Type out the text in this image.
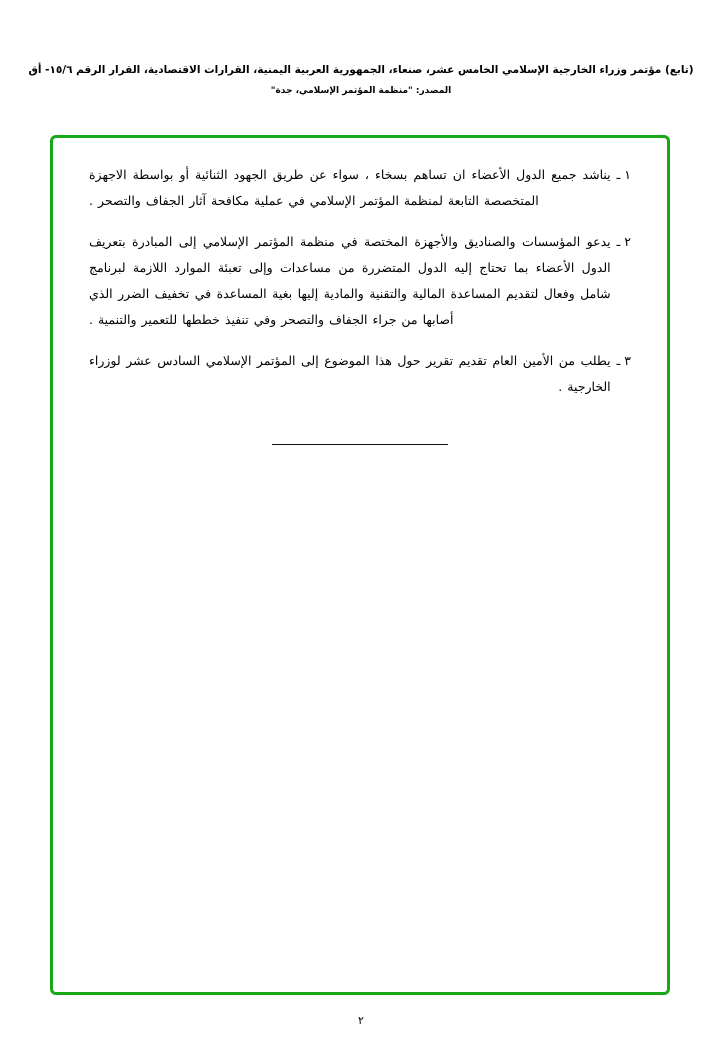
(تابع) مؤتمر وزراء الخارجية الإسلامي الخامس عشر، صنعاء، الجمهورية العربية اليمنية، القرارات الاقتصادية، القرار الرقم ١٥/٦- أق
المصدر: "منظمة المؤتمر الإسلامي، جدة"
١ ـ
يناشد جميع الدول الأعضاء ان تساهم بسخاء ، سواء عن طريق الجهود الثنائية أو بواسطة الاجهزة المتخصصة التابعة لمنظمة المؤتمر الإسلامي في عملية مكافحة آثار الجفاف والتصحر .
٢ ـ
يدعو المؤسسات والصناديق والأجهزة المختصة في منظمة المؤتمر الإسلامي إلى المبادرة بتعريف الدول الأعضاء بما تحتاج إليه الدول المتضررة من مساعدات وإلى تعبئة الموارد اللازمة لبرنامج شامل وفعال لتقديم المساعدة المالية والتقنية والمادية إليها بغية المساعدة في تخفيف الضرر الذي أصابها من جراء الجفاف والتصحر وفي تنفيذ خططها للتعمير والتنمية .
٣ ـ
يطلب من الأمين العام تقديم تقرير حول هذا الموضوع إلى المؤتمر الإسلامي السادس عشر لوزراء الخارجية .
٢
